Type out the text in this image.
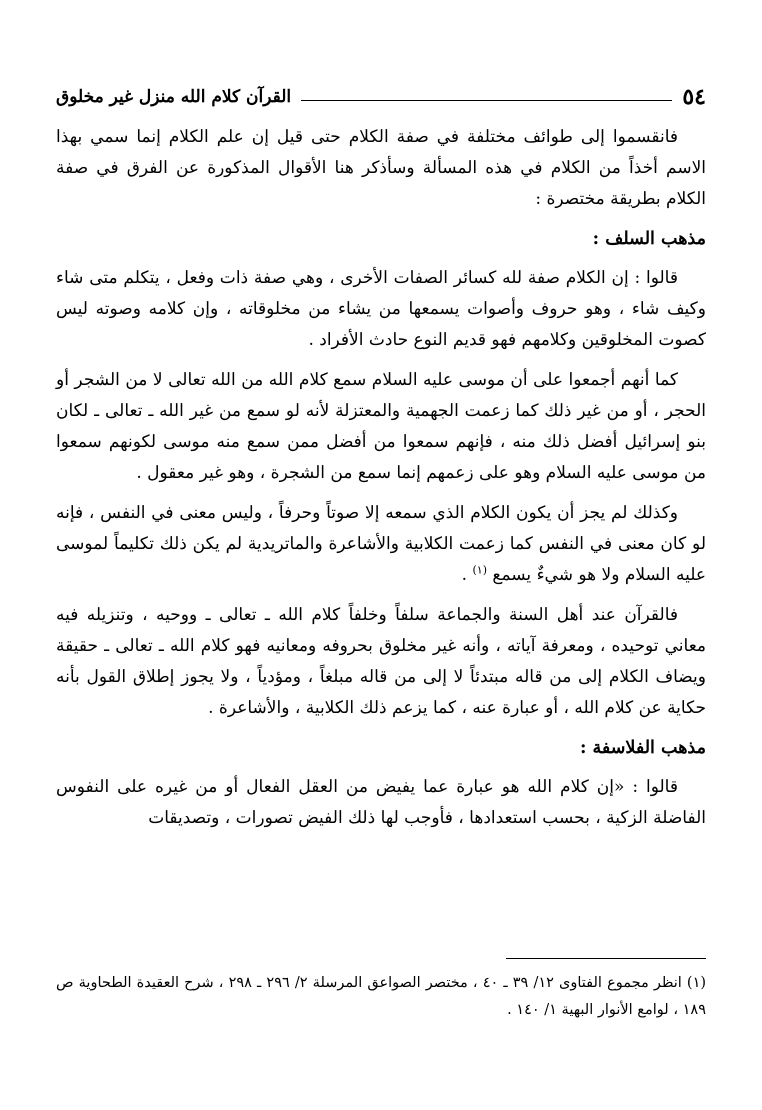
٥٤
القرآن كلام الله منزل غير مخلوق

فانقسموا إلى طوائف مختلفة في صفة الكلام حتى قيل إن علم الكلام إنما سمي بهذا الاسم أخذاً من الكلام في هذه المسألة وسأذكر هنا الأقوال المذكورة عن الفرق في صفة الكلام بطريقة مختصرة :

مذهب السلف :

قالوا : إن الكلام صفة لله كسائر الصفات الأخرى ، وهي صفة ذات وفعل ، يتكلم متى شاء وكيف شاء ، وهو حروف وأصوات يسمعها من يشاء من مخلوقاته ، وإن كلامه وصوته ليس كصوت المخلوقين وكلامهم فهو قديم النوع حادث الأفراد .

كما أنهم أجمعوا على أن موسى عليه السلام سمع كلام الله من الله تعالى لا من الشجر أو الحجر ، أو من غير ذلك كما زعمت الجهمية والمعتزلة لأنه لو سمع من غير الله ـ تعالى ـ لكان بنو إسرائيل أفضل ذلك منه ، فإنهم سمعوا من أفضل ممن سمع منه موسى لكونهم سمعوا من موسى عليه السلام وهو على زعمهم إنما سمع من الشجرة ، وهو غير معقول .

وكذلك لم يجز أن يكون الكلام الذي سمعه إلا صوتاً وحرفاً ، وليس معنى في النفس ، فإنه لو كان معنى في النفس كما زعمت الكلابية والأشاعرة والماتريدية لم يكن ذلك تكليماً لموسى عليه السلام ولا هو شيءٌ يسمع $^{(١)}$ .

فالقرآن عند أهل السنة والجماعة سلفاً وخلفاً كلام الله ـ تعالى ـ ووحيه ، وتنزيله فيه معاني توحيده ، ومعرفة آياته ، وأنه غير مخلوق بحروفه ومعانيه فهو كلام الله ـ تعالى ـ حقيقة ويضاف الكلام إلى من قاله مبتدئاً لا إلى من قاله مبلغاً ، ومؤدياً ، ولا يجوز إطلاق القول بأنه حكاية عن كلام الله ، أو عبارة عنه ، كما يزعم ذلك الكلابية ، والأشاعرة .

مذهب الفلاسفة :

قالوا : «إن كلام الله هو عبارة عما يفيض من العقل الفعال أو من غيره على النفوس الفاضلة الزكية ، بحسب استعدادها ، فأوجب لها ذلك الفيض تصورات ، وتصديقات

(١) انظر مجموع الفتاوى ١٢/ ٣٩ ـ ٤٠ ، مختصر الصواعق المرسلة ٢/ ٢٩٦ ـ ٢٩٨ ، شرح العقيدة الطحاوية ص ١٨٩ ، لوامع الأنوار البهية ١/ ١٤٠ .
